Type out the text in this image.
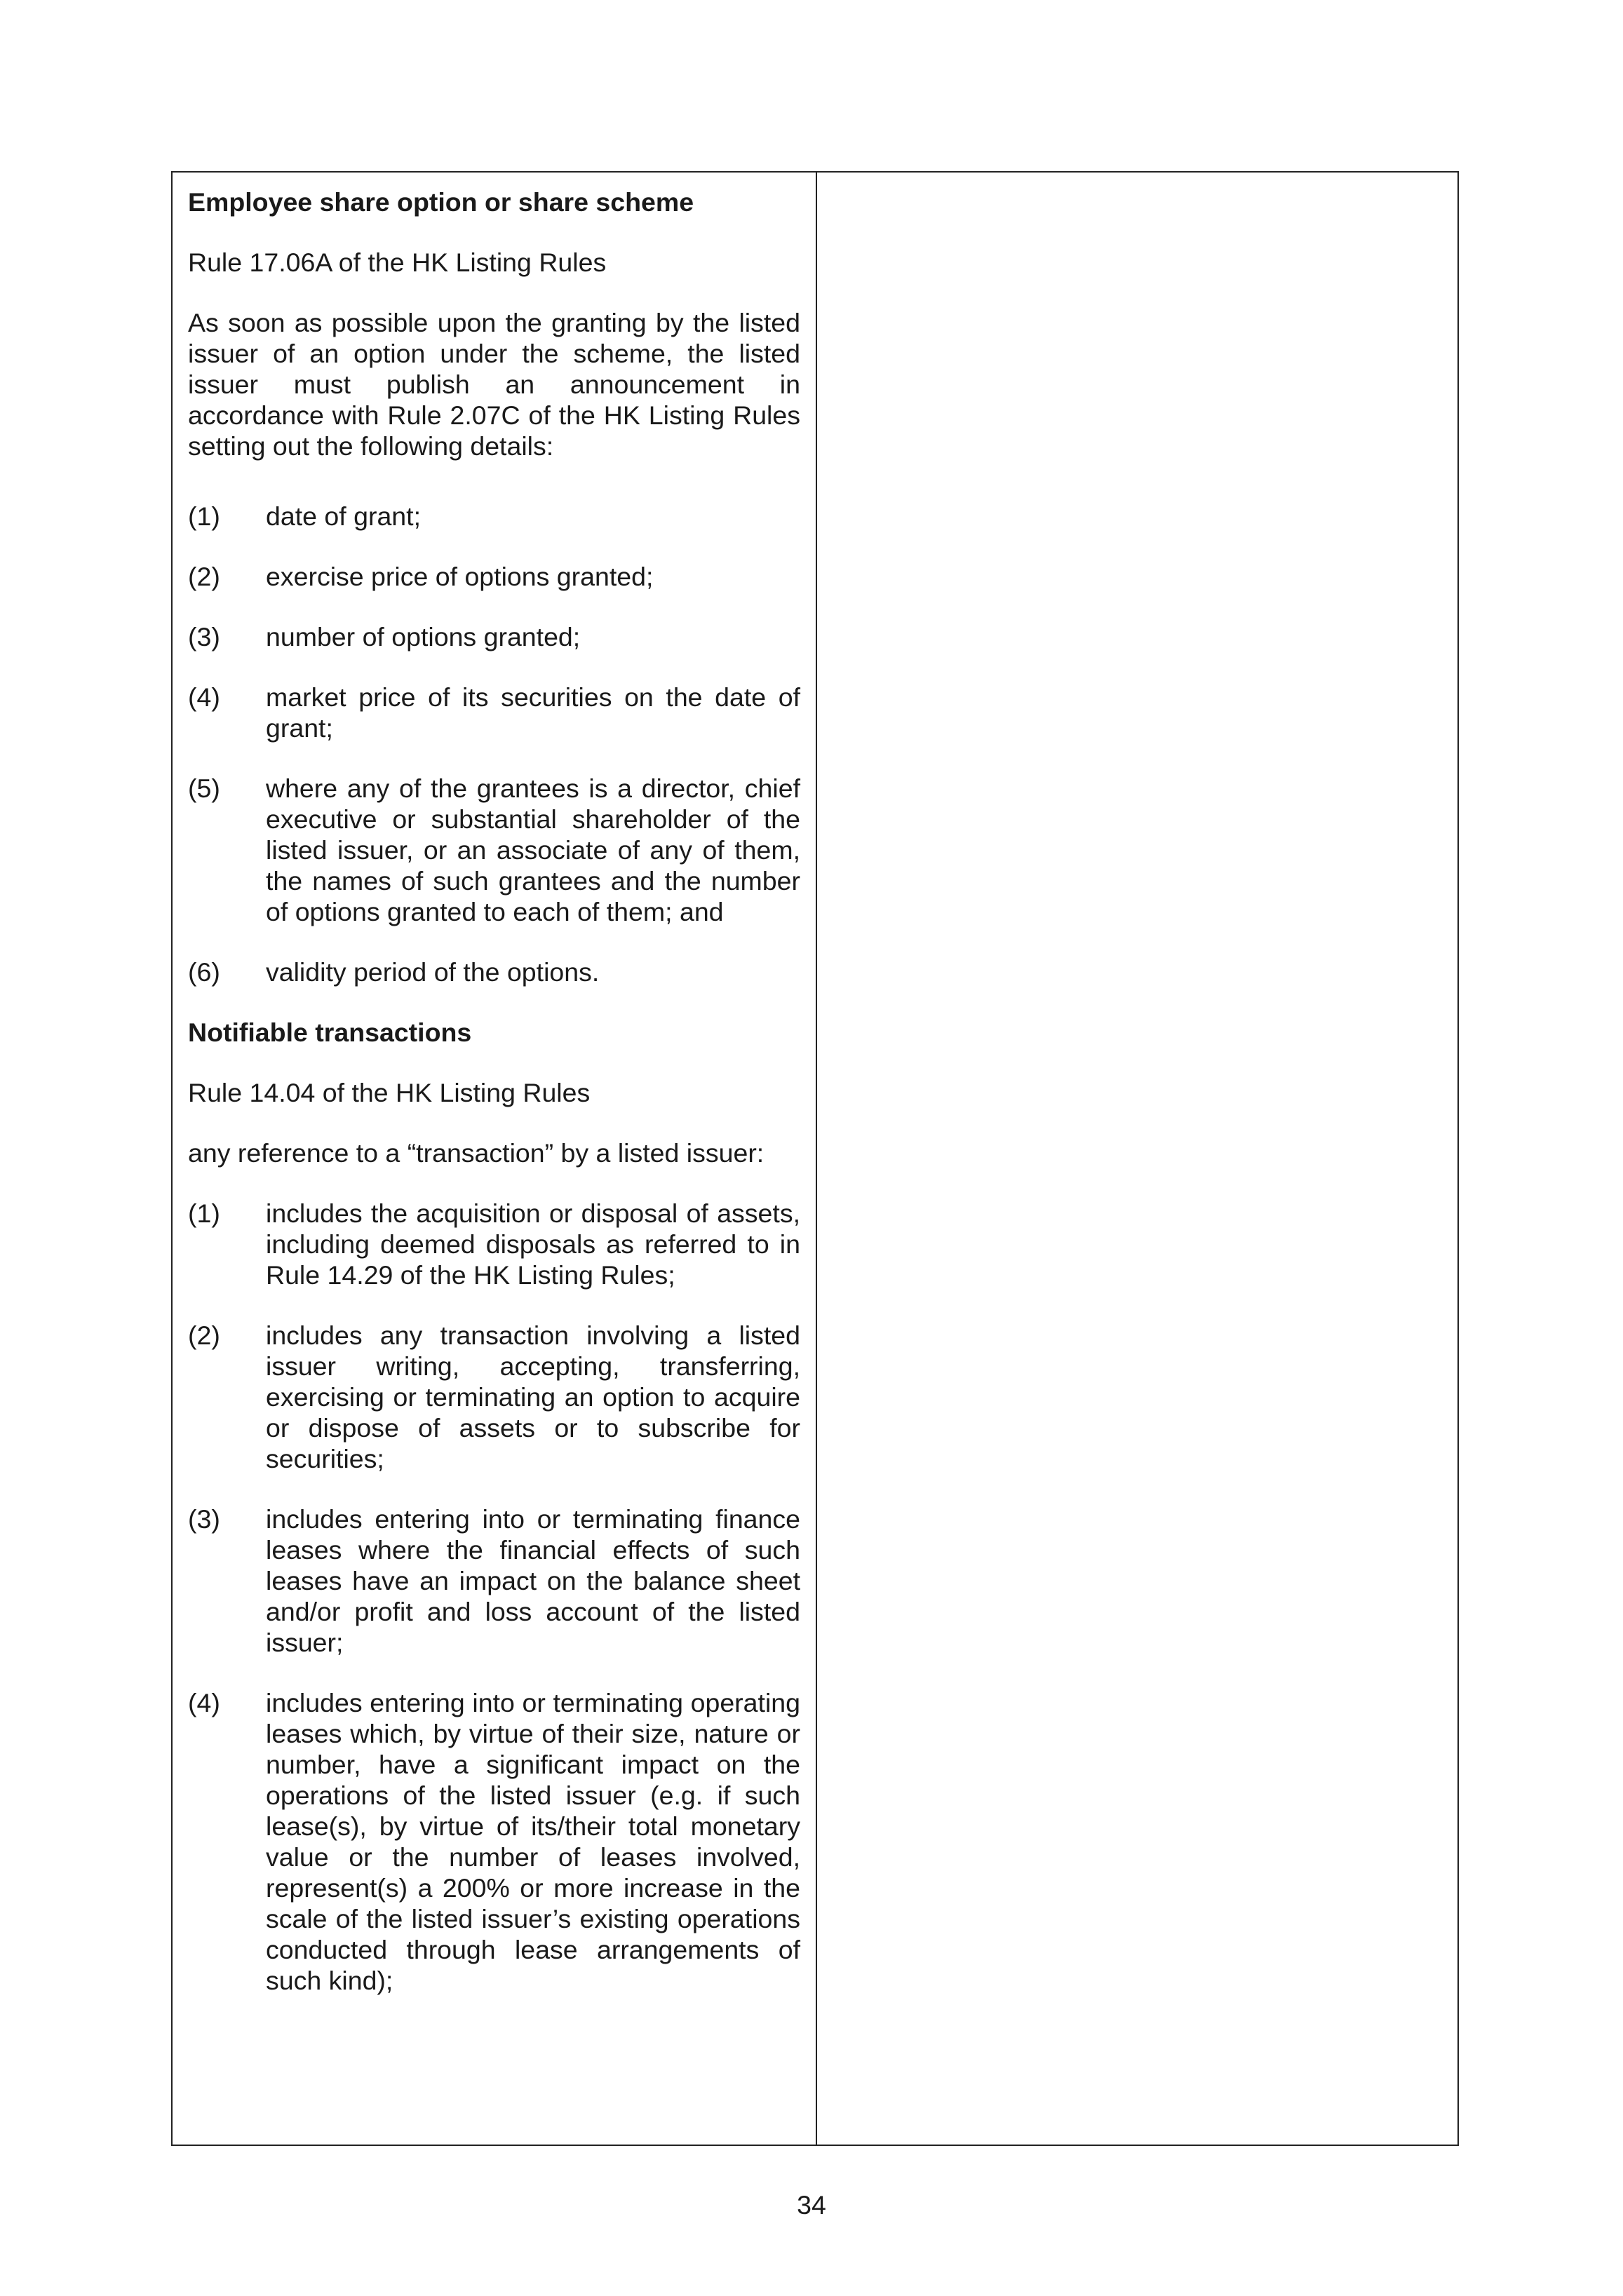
Employee share option or share scheme
Rule 17.06A of the HK Listing Rules
As soon as possible upon the granting by the listed issuer of an option under the scheme, the listed issuer must publish an announcement in accordance with Rule 2.07C of the HK Listing Rules setting out the following details:
(1)	date of grant;
(2)	exercise price of options granted;
(3)	number of options granted;
(4)	market price of its securities on the date of grant;
(5)	where any of the grantees is a director, chief executive or substantial shareholder of the listed issuer, or an associate of any of them, the names of such grantees and the number of options granted to each of them; and
(6)	validity period of the options.
Notifiable transactions
Rule 14.04 of the HK Listing Rules
any reference to a “transaction” by a listed issuer:
(1)	includes the acquisition or disposal of assets, including deemed disposals as referred to in Rule 14.29 of the HK Listing Rules;
(2)	includes any transaction involving a listed issuer writing, accepting, transferring, exercising or terminating an option to acquire or dispose of assets or to subscribe for securities;
(3)	includes entering into or terminating finance leases where the financial effects of such leases have an impact on the balance sheet and/or profit and loss account of the listed issuer;
(4)	includes entering into or terminating operating leases which, by virtue of their size, nature or number, have a significant impact on the operations of the listed issuer (e.g. if such lease(s), by virtue of its/their total monetary value or the number of leases involved, represent(s) a 200% or more increase in the scale of the listed issuer’s existing operations conducted through lease arrangements of such kind);
34
